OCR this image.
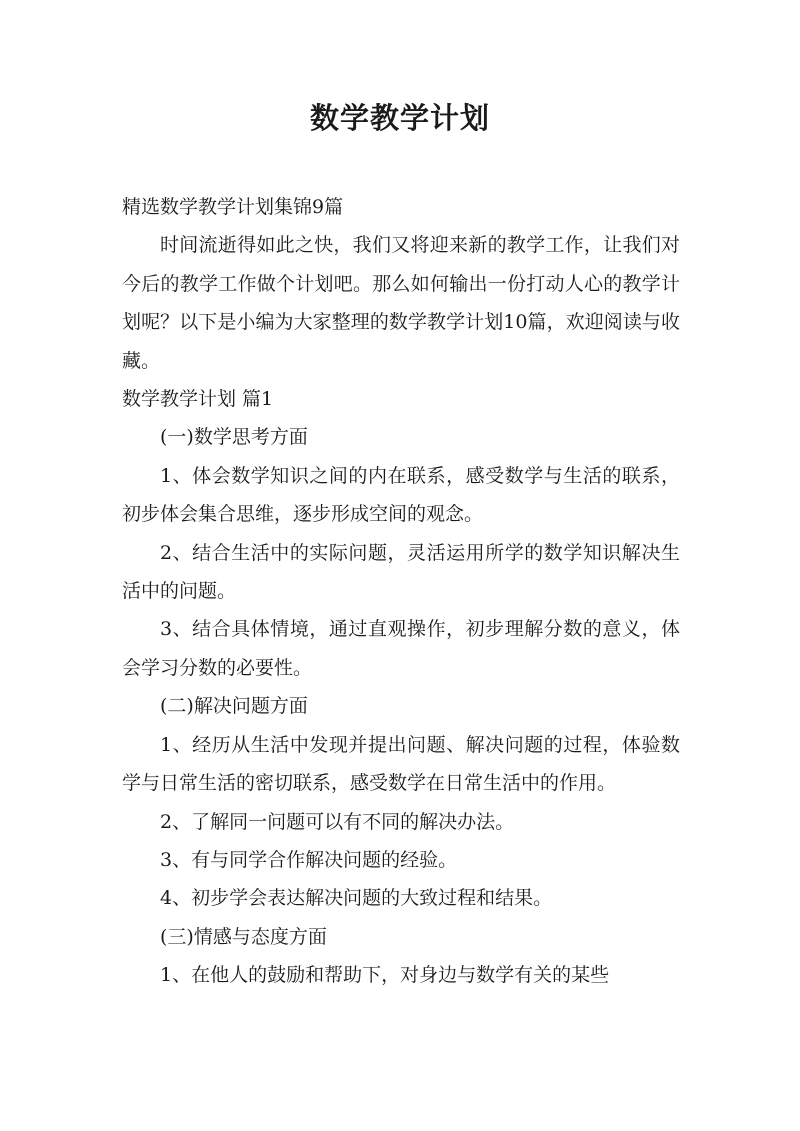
数学教学计划

精选数学教学计划集锦9篇

时间流逝得如此之快，我们又将迎来新的教学工作，让我们对今后的教学工作做个计划吧。那么如何输出一份打动人心的教学计划呢？以下是小编为大家整理的数学教学计划10篇，欢迎阅读与收藏。

数学教学计划 篇1

(一)数学思考方面

1、体会数学知识之间的内在联系，感受数学与生活的联系，初步体会集合思维，逐步形成空间的观念。

2、结合生活中的实际问题，灵活运用所学的数学知识解决生活中的问题。

3、结合具体情境，通过直观操作，初步理解分数的意义，体会学习分数的必要性。

(二)解决问题方面

1、经历从生活中发现并提出问题、解决问题的过程，体验数学与日常生活的密切联系，感受数学在日常生活中的作用。

2、了解同一问题可以有不同的解决办法。

3、有与同学合作解决问题的经验。

4、初步学会表达解决问题的大致过程和结果。

(三)情感与态度方面

1、在他人的鼓励和帮助下，对身边与数学有关的某些
